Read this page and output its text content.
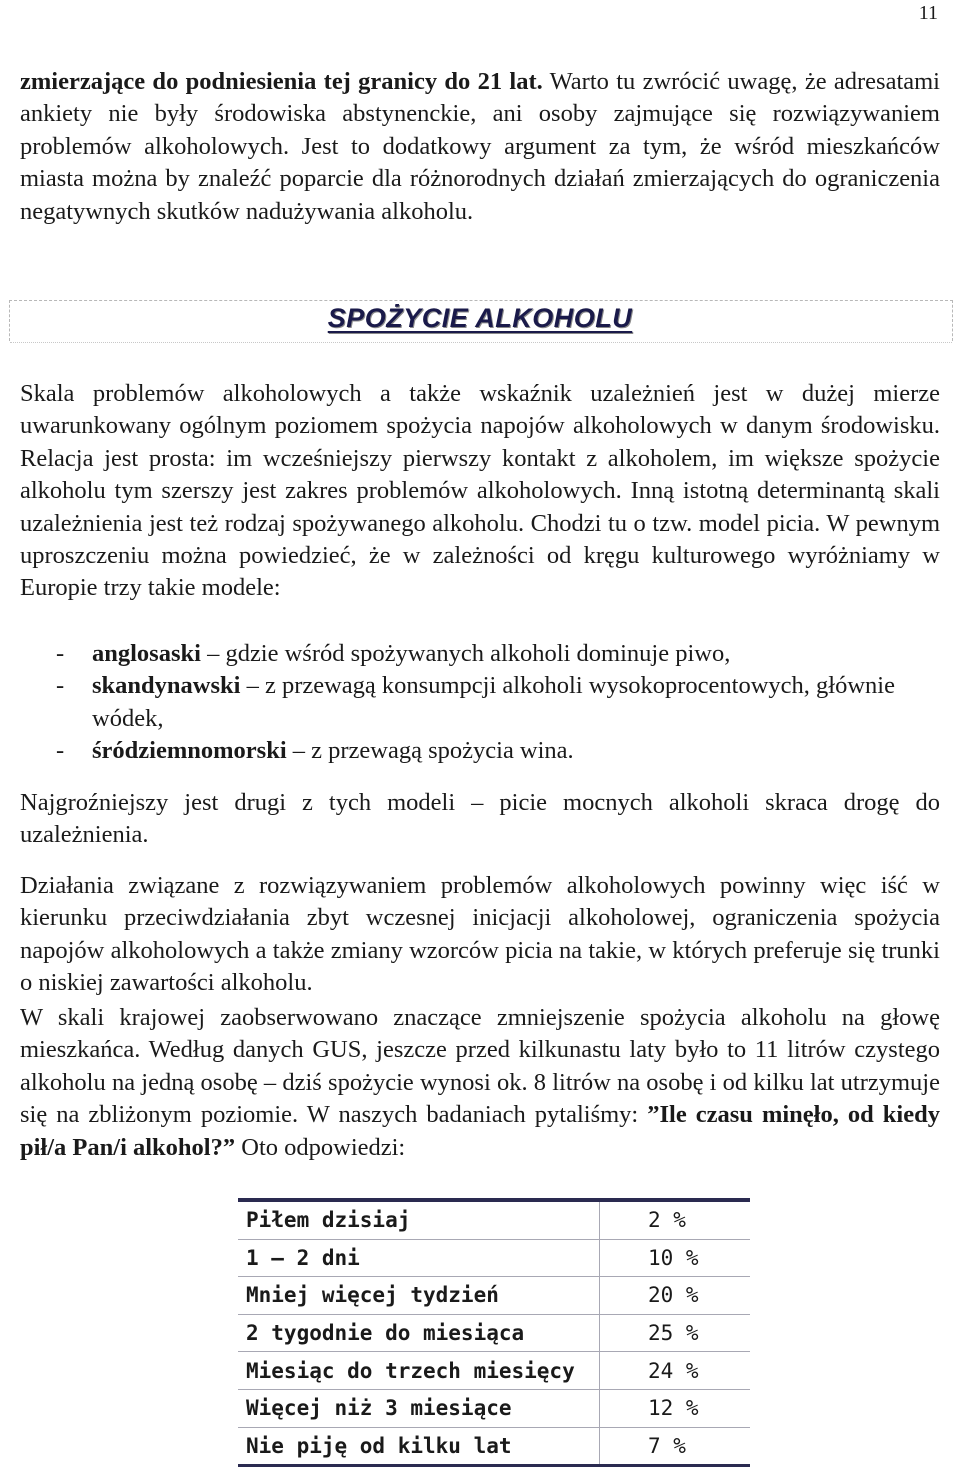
11

zmierzające do podniesienia tej granicy do 21 lat. Warto tu zwrócić uwagę, że adresatami ankiety nie były środowiska abstynenckie, ani osoby zajmujące się rozwiązywaniem problemów alkoholowych. Jest to dodatkowy argument za tym, że wśród mieszkańców miasta można by znaleźć poparcie dla różnorodnych działań zmierzających do ograniczenia negatywnych skutków nadużywania alkoholu.

SPOŻYCIE ALKOHOLU

Skala problemów alkoholowych a także wskaźnik uzależnień jest w dużej mierze uwarunkowany ogólnym poziomem spożycia napojów alkoholowych w danym środowisku. Relacja jest prosta: im wcześniejszy pierwszy kontakt z alkoholem, im większe spożycie alkoholu tym szerszy jest zakres problemów alkoholowych. Inną istotną determinantą skali uzależnienia jest też rodzaj spożywanego alkoholu. Chodzi tu o tzw. model picia. W pewnym uproszczeniu można powiedzieć, że w zależności od kręgu kulturowego wyróżniamy w Europie trzy takie modele:

- anglosaski – gdzie wśród spożywanych alkoholi dominuje piwo,
- skandynawski – z przewagą konsumpcji alkoholi wysokoprocentowych, głównie wódek,
- śródziemnomorski – z przewagą spożycia wina.

Najgroźniejszy jest drugi z tych modeli – picie mocnych alkoholi skraca drogę do uzależnienia.

Działania związane z rozwiązywaniem problemów alkoholowych powinny więc iść w kierunku przeciwdziałania zbyt wczesnej inicjacji alkoholowej, ograniczenia spożycia napojów alkoholowych a także zmiany wzorców picia na takie, w których preferuje się trunki o niskiej zawartości alkoholu.

W skali krajowej zaobserwowano znaczące zmniejszenie spożycia alkoholu na głowę mieszkańca. Według danych GUS, jeszcze przed kilkunastu laty było to 11 litrów czystego alkoholu na jedną osobę – dziś spożycie wynosi ok. 8 litrów na osobę i od kilku lat utrzymuje się na zbliżonym poziomie. W naszych badaniach pytaliśmy: ”Ile czasu minęło, od kiedy pił/a Pan/i alkohol?” Oto odpowiedzi:

Piłem dzisiaj	2 %
1 – 2 dni	10 %
Mniej więcej tydzień	20 %
2 tygodnie do miesiąca	25 %
Miesiąc do trzech miesięcy	24 %
Więcej niż 3 miesiące	12 %
Nie piję od kilku lat	7 %
